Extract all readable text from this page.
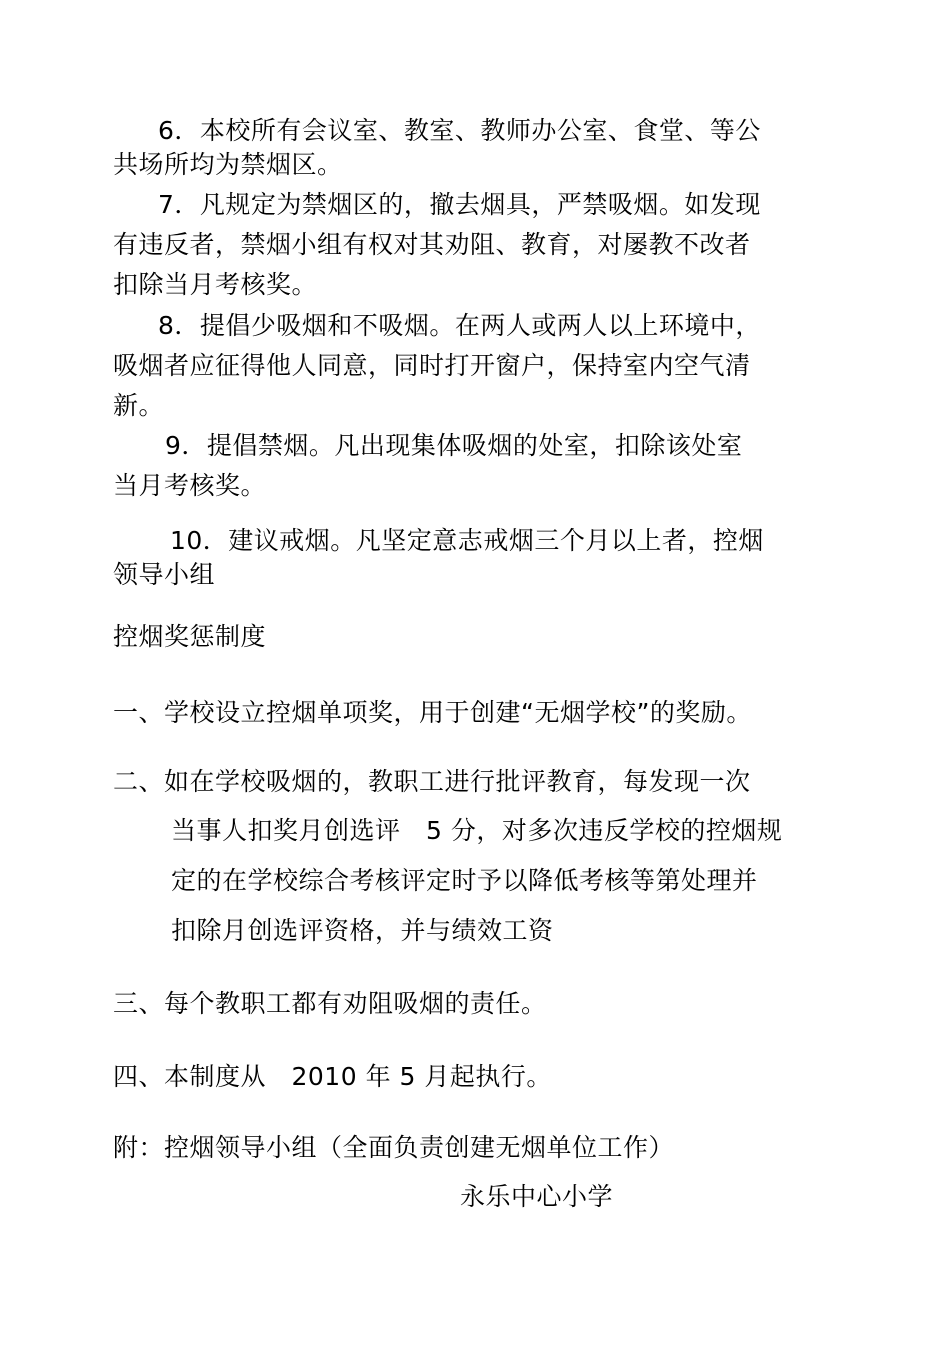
6．本校所有会议室、教室、教师办公室、食堂、等公
共场所均为禁烟区。
7．凡规定为禁烟区的，撤去烟具，严禁吸烟。如发现
有违反者，禁烟小组有权对其劝阻、教育，对屡教不改者
扣除当月考核奖。
8．提倡少吸烟和不吸烟。在两人或两人以上环境中，
吸烟者应征得他人同意，同时打开窗户，保持室内空气清
新。
9．提倡禁烟。凡出现集体吸烟的处室，扣除该处室
当月考核奖。
10．建议戒烟。凡坚定意志戒烟三个月以上者，控烟
领导小组
控烟奖惩制度
一、学校设立控烟单项奖，用于创建“无烟学校”的奖励。
二、如在学校吸烟的，教职工进行批评教育，每发现一次
当事人扣奖月创选评　5 分，对多次违反学校的控烟规
定的在学校综合考核评定时予以降低考核等第处理并
扣除月创选评资格，并与绩效工资
三、每个教职工都有劝阻吸烟的责任。
四、本制度从　2010 年 5 月起执行。
附：控烟领导小组（全面负责创建无烟单位工作）
永乐中心小学
